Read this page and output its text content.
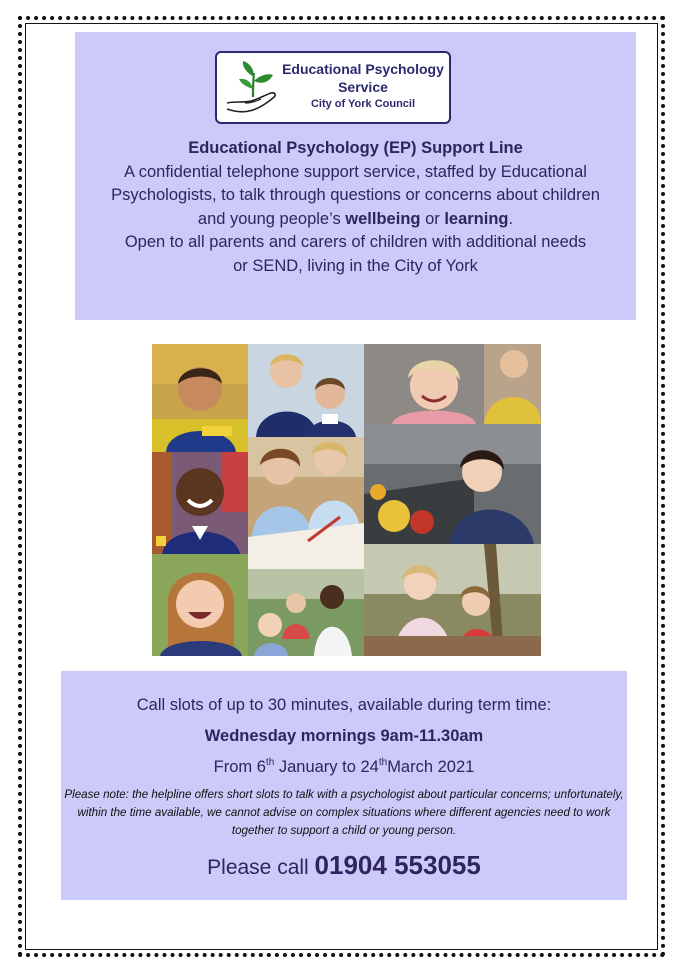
Educational Psychology
Service
City of York Council
Educational Psychology (EP) Support Line
A confidential telephone support service, staffed by Educational
Psychologists, to talk through questions or concerns about children
and young people’s wellbeing or learning.
Open to all parents and carers of children with additional needs
or SEND, living in the City of York
Call slots of up to 30 minutes, available during term time:
Wednesday mornings 9am-11.30am
From 6th January to 24thMarch 2021
Please note: the helpline offers short slots to talk with a psychologist about particular concerns; unfortunately, within the time available, we cannot advise on complex situations where different agencies need to work together to support a child or young person.
Please call 01904 553055
